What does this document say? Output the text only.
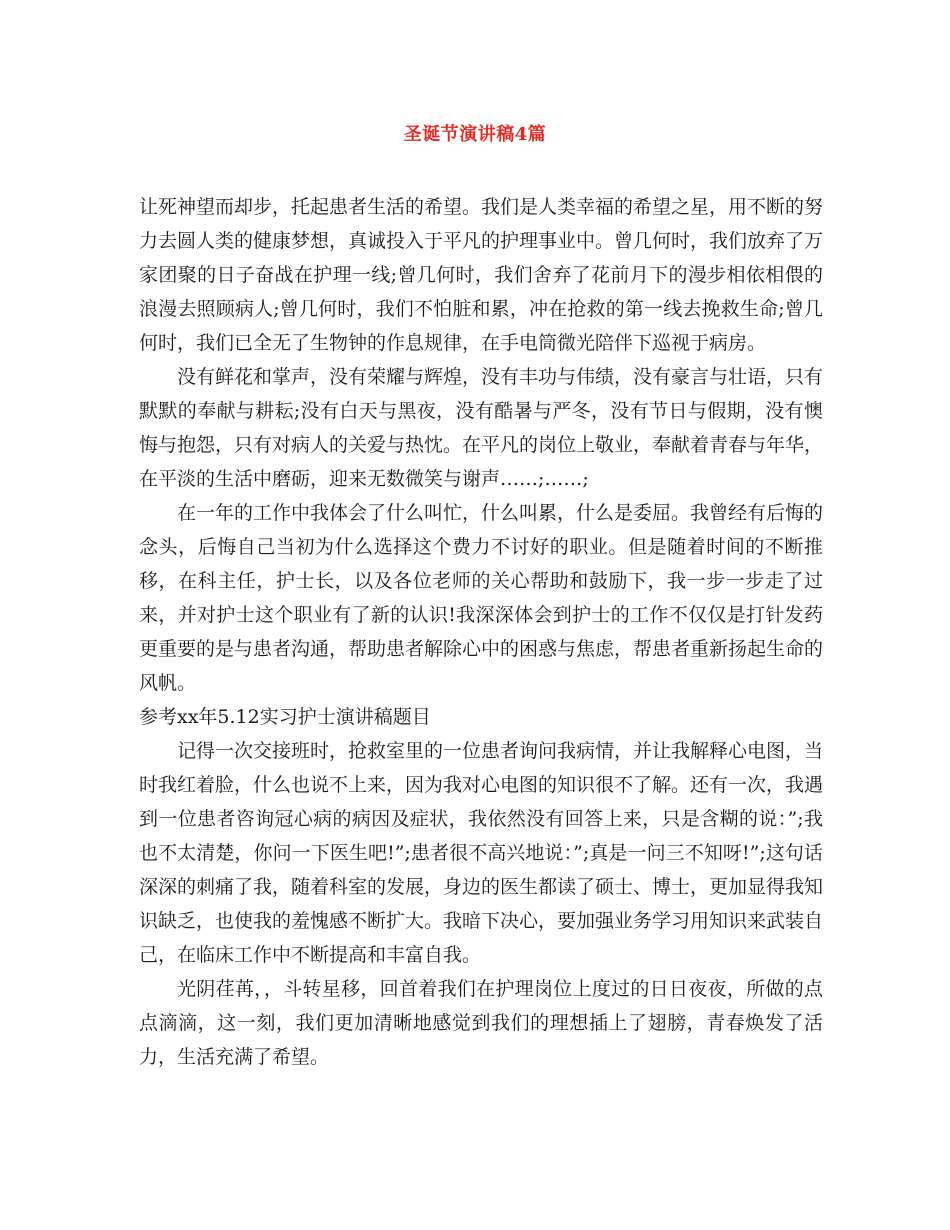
圣诞节演讲稿4篇

让死神望而却步，托起患者生活的希望。我们是人类幸福的希望之星，用不断的努力去圆人类的健康梦想，真诚投入于平凡的护理事业中。曾几何时，我们放弃了万家团聚的日子奋战在护理一线;曾几何时，我们舍弃了花前月下的漫步相依相偎的浪漫去照顾病人;曾几何时，我们不怕脏和累，冲在抢救的第一线去挽救生命;曾几何时，我们已全无了生物钟的作息规律，在手电筒微光陪伴下巡视于病房。

没有鲜花和掌声，没有荣耀与辉煌，没有丰功与伟绩，没有豪言与壮语，只有默默的奉献与耕耘;没有白天与黑夜，没有酷暑与严冬，没有节日与假期，没有懊悔与抱怨，只有对病人的关爱与热忱。在平凡的岗位上敬业，奉献着青春与年华，在平淡的生活中磨砺，迎来无数微笑与谢声……;……;

在一年的工作中我体会了什么叫忙，什么叫累，什么是委屈。我曾经有后悔的念头，后悔自己当初为什么选择这个费力不讨好的职业。但是随着时间的不断推移，在科主任，护士长，以及各位老师的关心帮助和鼓励下，我一步一步走了过来，并对护士这个职业有了新的认识!我深深体会到护士的工作不仅仅是打针发药更重要的是与患者沟通，帮助患者解除心中的困惑与焦虑，帮患者重新扬起生命的风帆。

参考xx年5.12实习护士演讲稿题目

记得一次交接班时，抢救室里的一位患者询问我病情，并让我解释心电图，当时我红着脸，什么也说不上来，因为我对心电图的知识很不了解。还有一次，我遇到一位患者咨询冠心病的病因及症状，我依然没有回答上来，只是含糊的说：”;我也不太清楚，你问一下医生吧!”;患者很不高兴地说：”;真是一问三不知呀!”;这句话深深的刺痛了我，随着科室的发展，身边的医生都读了硕士、博士，更加显得我知识缺乏，也使我的羞愧感不断扩大。我暗下决心，要加强业务学习用知识来武装自己，在临床工作中不断提高和丰富自我。

光阴荏苒，，斗转星移，回首着我们在护理岗位上度过的日日夜夜，所做的点点滴滴，这一刻，我们更加清晰地感觉到我们的理想插上了翅膀，青春焕发了活力，生活充满了希望。
